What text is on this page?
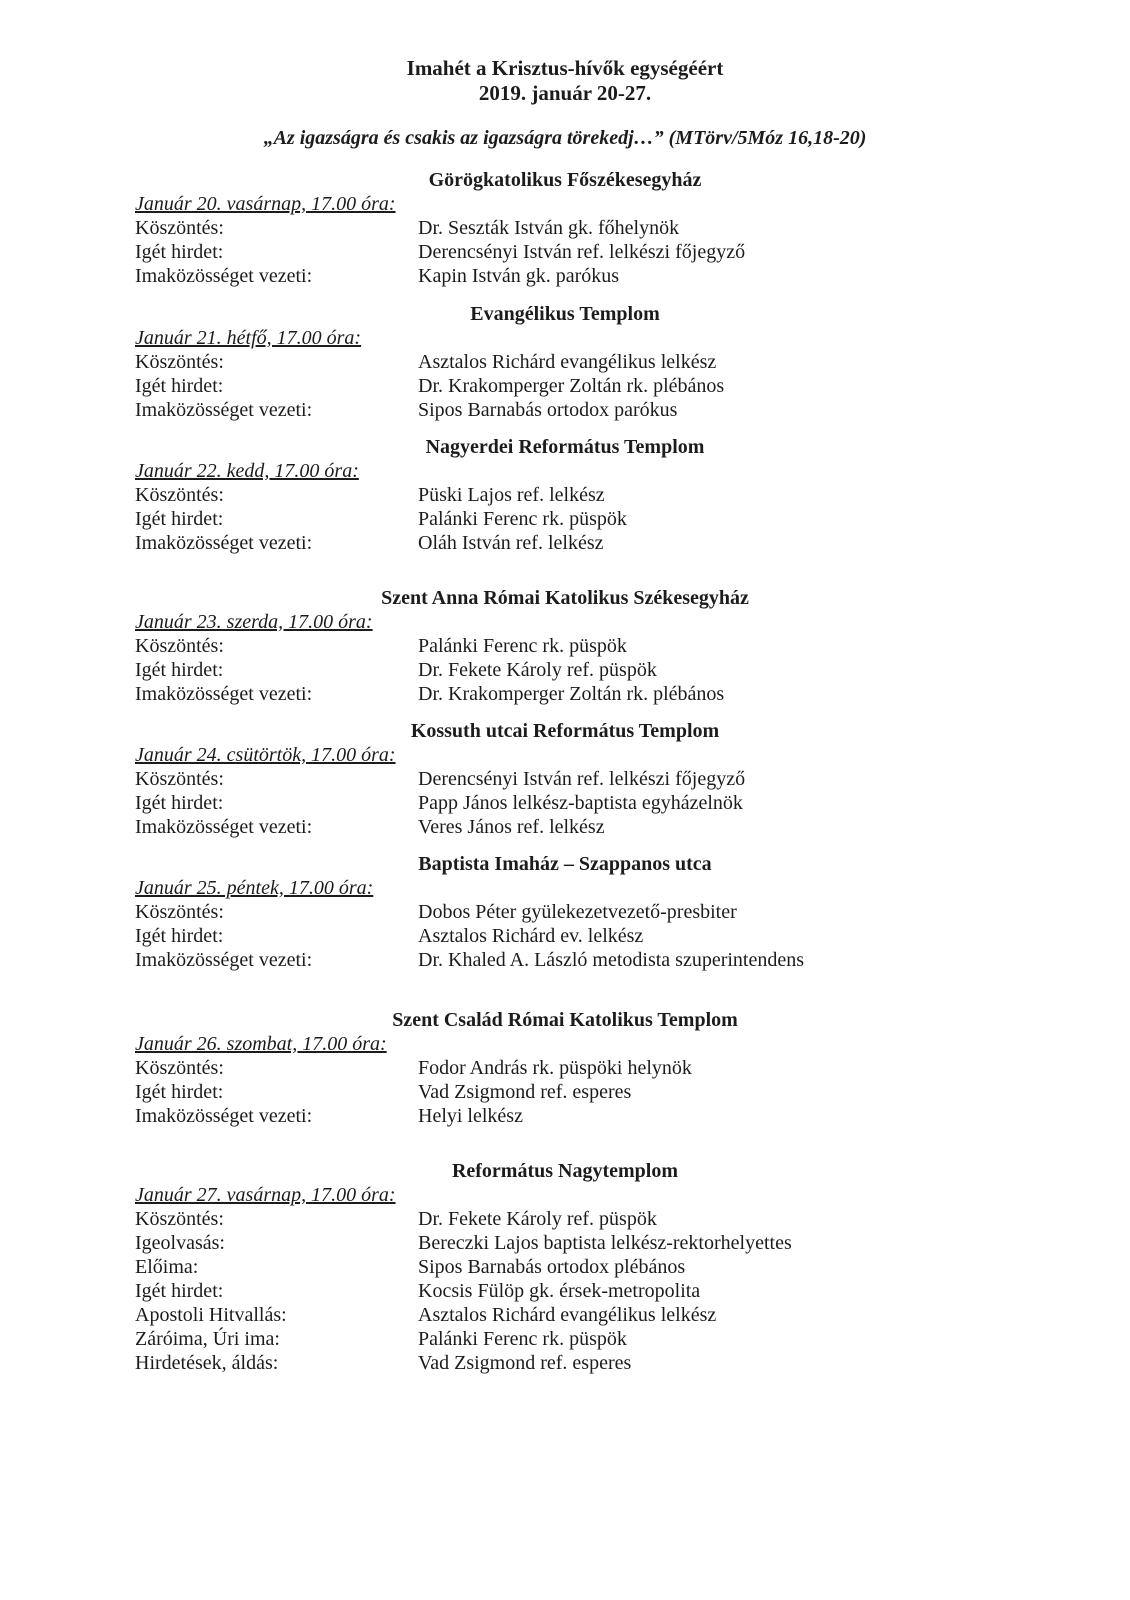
Imahét a Krisztus-hívők egységéért
2019. január 20-27.

„Az igazságra és csakis az igazságra törekedj…” (MTörv/5Móz 16,18-20)

Görögkatolikus Főszékesegyház

Január 20. vasárnap, 17.00 óra:

Köszöntés:	Dr. Seszták István gk. főhelynök
Igét hirdet:	Derencsényi István ref. lelkészi főjegyző
Imaközösséget vezeti:	Kapin István gk. parókus
Evangélikus Templom

Január 21. hétfő, 17.00 óra:

Köszöntés:	Asztalos Richárd evangélikus lelkész
Igét hirdet:	Dr. Krakomperger Zoltán rk. plébános
Imaközösséget vezeti:	Sipos Barnabás ortodox parókus
Nagyerdei Református Templom

Január 22. kedd, 17.00 óra:

Köszöntés:	Püski Lajos ref. lelkész
Igét hirdet:	Palánki Ferenc rk. püspök
Imaközösséget vezeti:	Oláh István ref. lelkész
Szent Anna Római Katolikus Székesegyház

Január 23. szerda, 17.00 óra:

Köszöntés:	Palánki Ferenc rk. püspök
Igét hirdet:	Dr. Fekete Károly ref. püspök
Imaközösséget vezeti:	Dr. Krakomperger Zoltán rk. plébános
Kossuth utcai Református Templom

Január 24. csütörtök, 17.00 óra:

Köszöntés:	Derencsényi István ref. lelkészi főjegyző
Igét hirdet:	Papp János lelkész-baptista egyházelnök
Imaközösséget vezeti:	Veres János ref. lelkész
Baptista Imaház – Szappanos utca

Január 25. péntek, 17.00 óra:

Köszöntés:	Dobos Péter gyülekezetvezető-presbiter
Igét hirdet:	Asztalos Richárd ev. lelkész
Imaközösséget vezeti:	Dr. Khaled A. László metodista szuperintendens
Szent Család Római Katolikus Templom

Január 26. szombat, 17.00 óra:

Köszöntés:	Fodor András rk. püspöki helynök
Igét hirdet:	Vad Zsigmond ref. esperes
Imaközösséget vezeti:	Helyi lelkész
Református Nagytemplom

Január 27. vasárnap, 17.00 óra:

Köszöntés:	Dr. Fekete Károly ref. püspök
Igeolvasás:	Bereczki Lajos baptista lelkész-rektorhelyettes
Előima:	Sipos Barnabás ortodox plébános
Igét hirdet:	Kocsis Fülöp gk. érsek-metropolita
Apostoli Hitvallás:	Asztalos Richárd evangélikus lelkész
Záróima, Úri ima:	Palánki Ferenc rk. püspök
Hirdetések, áldás:	Vad Zsigmond ref. esperes
